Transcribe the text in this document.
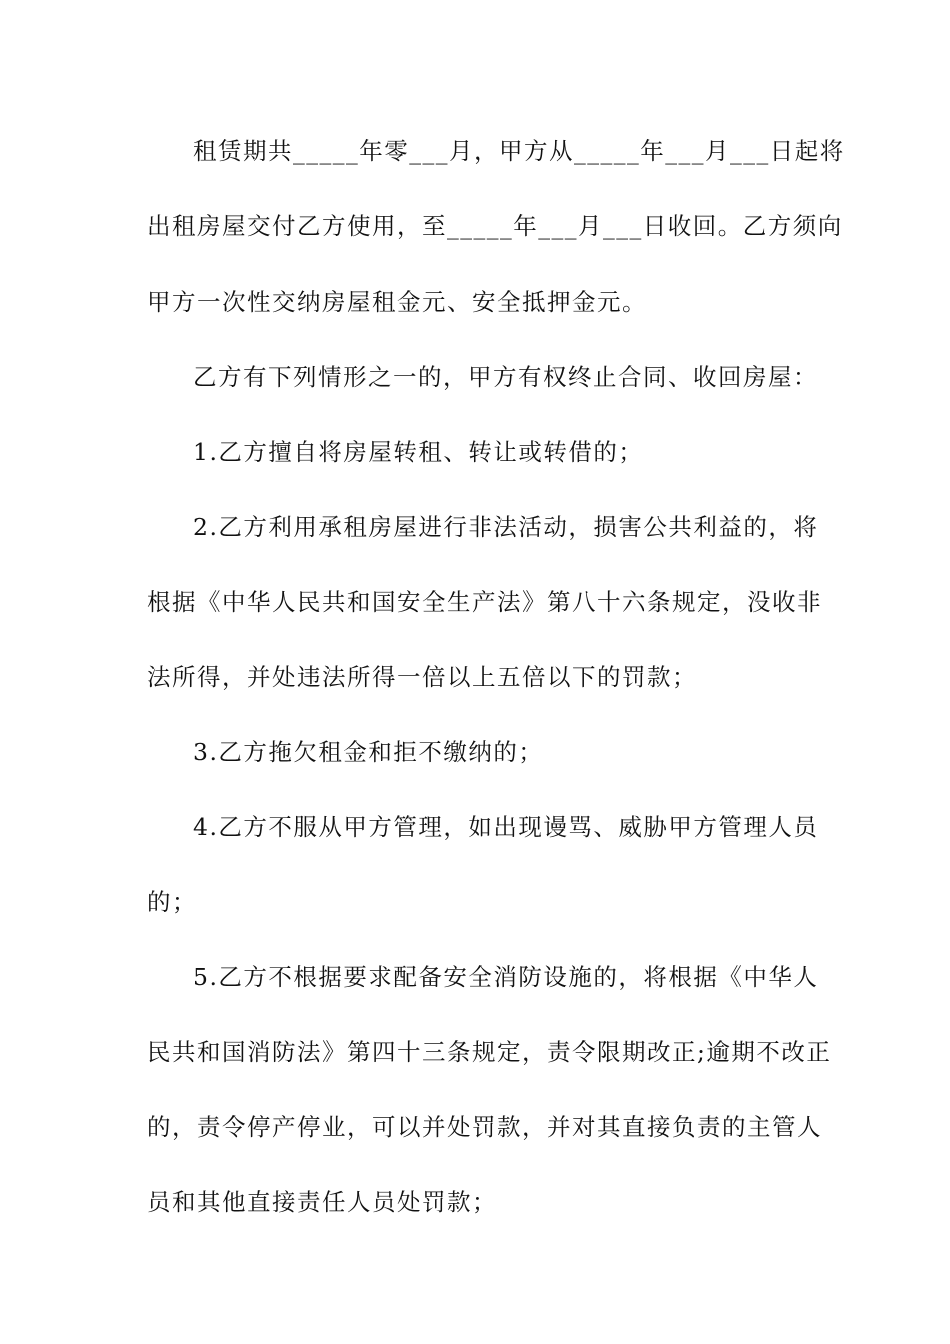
租赁期共_____年零___月，甲方从_____年___月___日起将
出租房屋交付乙方使用，至_____年___月___日收回。乙方须向
甲方一次性交纳房屋租金元、安全抵押金元。
乙方有下列情形之一的，甲方有权终止合同、收回房屋：
1.乙方擅自将房屋转租、转让或转借的；
2.乙方利用承租房屋进行非法活动，损害公共利益的，将
根据《中华人民共和国安全生产法》第八十六条规定，没收非
法所得，并处违法所得一倍以上五倍以下的罚款；
3.乙方拖欠租金和拒不缴纳的；
4.乙方不服从甲方管理，如出现谩骂、威胁甲方管理人员
的；
5.乙方不根据要求配备安全消防设施的，将根据《中华人
民共和国消防法》第四十三条规定，责令限期改正;逾期不改正
的，责令停产停业，可以并处罚款，并对其直接负责的主管人
员和其他直接责任人员处罚款；
